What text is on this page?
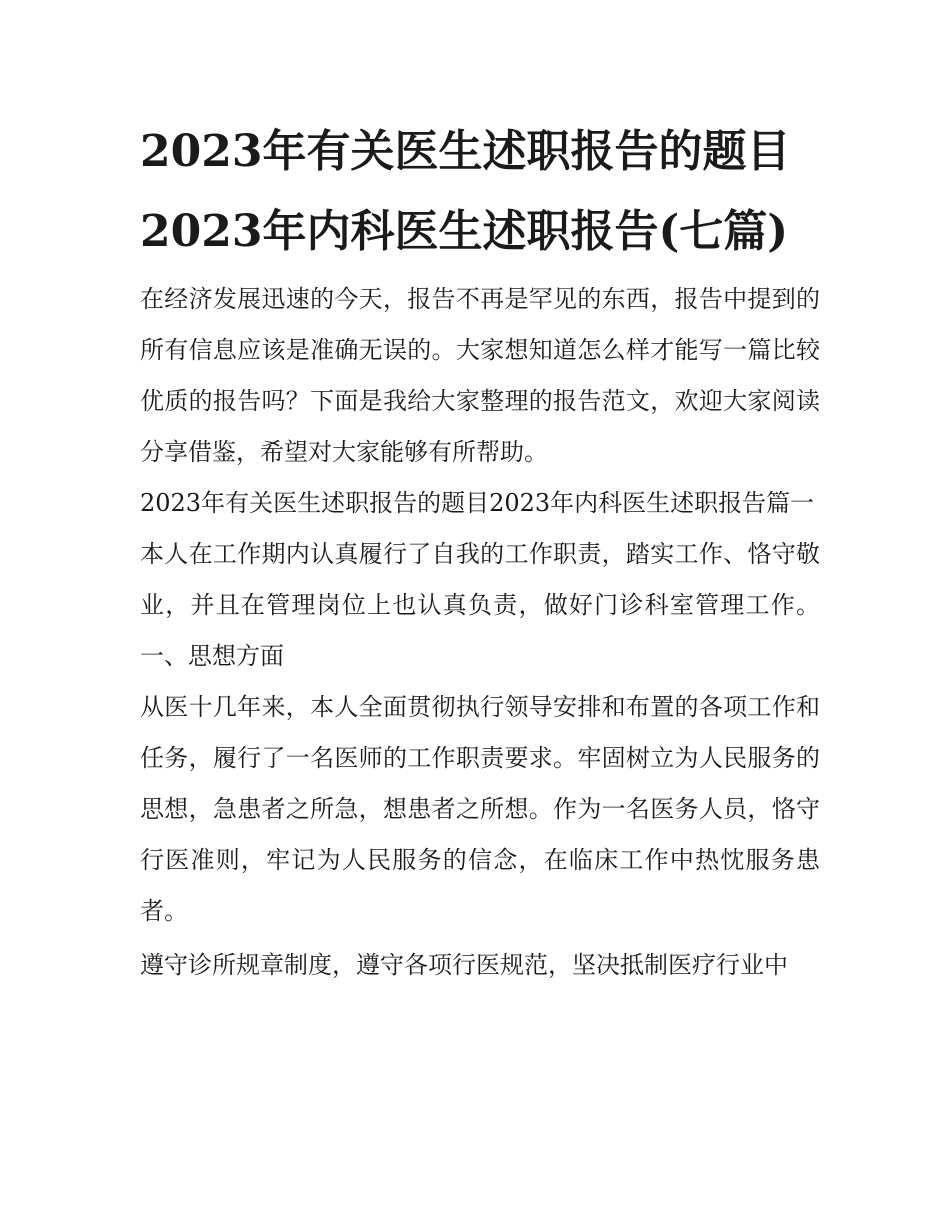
2023年有关医生述职报告的题目2023年内科医生述职报告(七篇)

在经济发展迅速的今天，报告不再是罕见的东西，报告中提到的所有信息应该是准确无误的。大家想知道怎么样才能写一篇比较优质的报告吗？下面是我给大家整理的报告范文，欢迎大家阅读分享借鉴，希望对大家能够有所帮助。

2023年有关医生述职报告的题目2023年内科医生述职报告篇一

本人在工作期内认真履行了自我的工作职责，踏实工作、恪守敬业，并且在管理岗位上也认真负责，做好门诊科室管理工作。 一、思想方面

从医十几年来，本人全面贯彻执行领导安排和布置的各项工作和任务，履行了一名医师的工作职责要求。牢固树立为人民服务的思想，急患者之所急，想患者之所想。作为一名医务人员，恪守行医准则，牢记为人民服务的信念，在临床工作中热忱服务患者。

遵守诊所规章制度，遵守各项行医规范，坚决抵制医疗行业中
